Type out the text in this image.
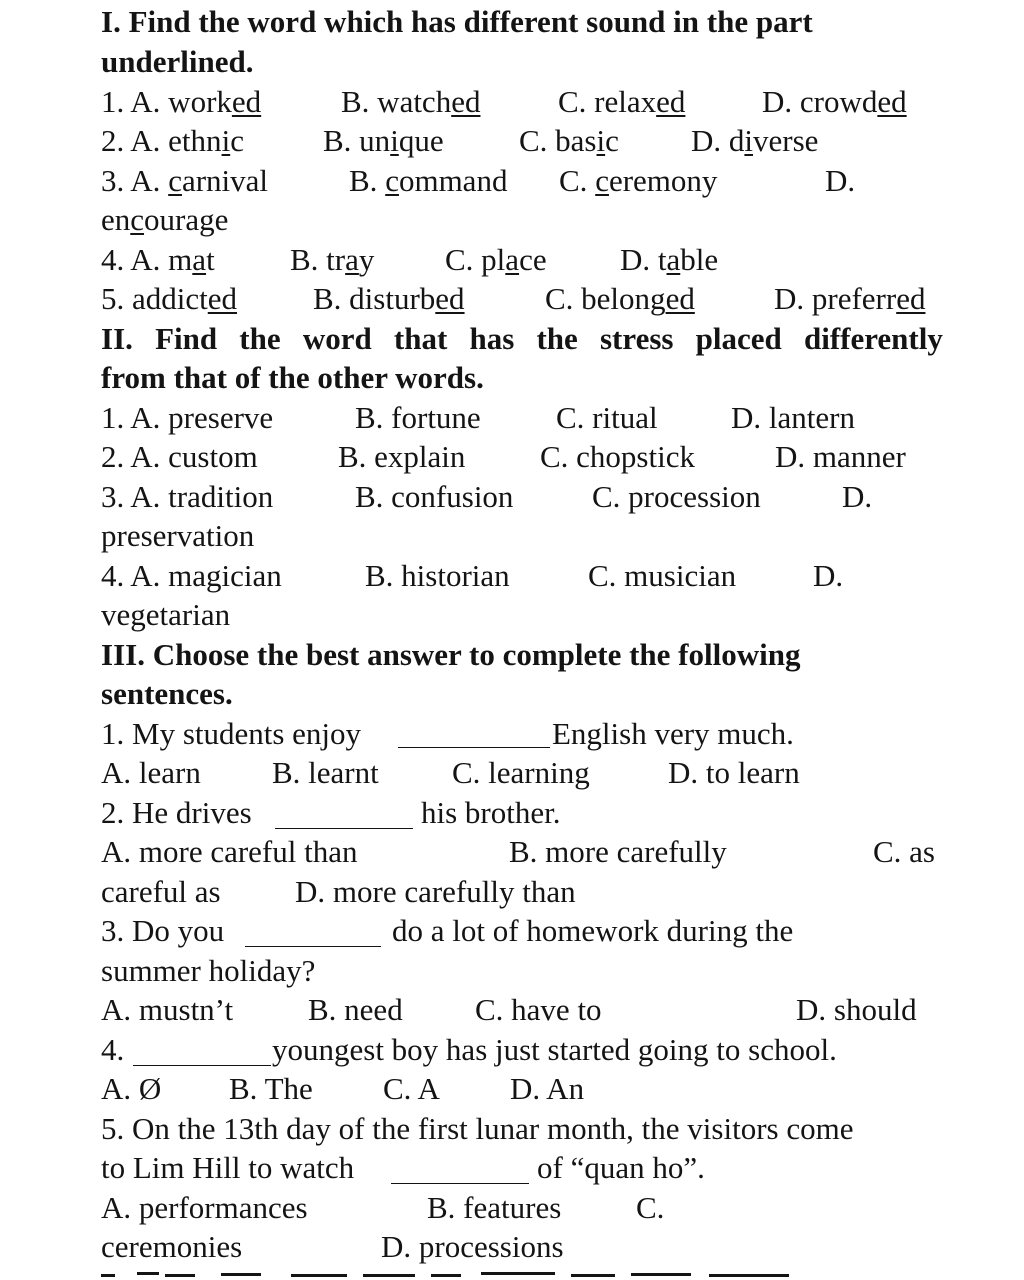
I. Find the word which has different sound in the part
underlined.
1. A. worked	B. watched	C. relaxed D. crowded
2. A. ethnic	B. unique C. basic D. diverse
3. A. carnival	B. command C. ceremony	D.
encourage
4. A. mat B. tray C. place D. table
5. addicted B. disturbed	C. belonged	D. preferred
II. Find the word that has the stress placed differently
from that of the other words.
1. A. preserve	B. fortune C. ritual D. lantern
2. A. custom	B. explain C. chopstick	D. manner
3. A. tradition	B. confusion	C. procession	D.
preservation
4. A. magician	B. historian	C. musician D.
vegetarian
III. Choose the best answer to complete the following
sentences.
1. My students enjoy	English very much.
A. learn B. learnt C. learning	D. to learn
2. He drives	his brother.
A. more careful than	B. more carefully	C. as
careful as D. more carefully than
3. Do you	do a lot of homework during the
summer holiday?
A. mustn’t B. need C. have to	D. should
4.	youngest boy has just started going to school.
A. Ø B. The C. A D. An
5. On the 13th day of the first lunar month, the visitors come
to Lim Hill to watch	of “quan ho”.
A. performances	B. features C.
ceremonies	D. processions
